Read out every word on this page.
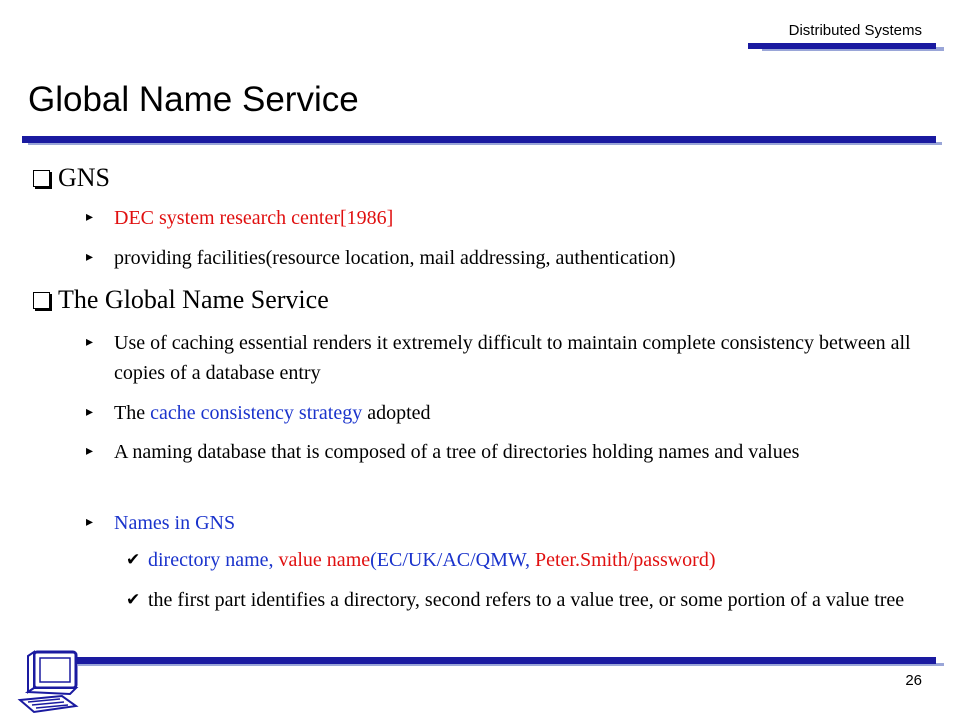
Distributed Systems
Global Name Service
GNS
▸	DEC system research center[1986]
▸	providing facilities(resource location, mail addressing, authentication)
The Global Name Service
▸	Use of caching essential renders it extremely difficult to maintain complete consistency between all copies of a database entry
▸	The cache consistency strategy adopted
▸	A naming database that is composed of a tree of directories holding names and values
▸	Names in GNS
✔ directory name, value name(EC/UK/AC/QMW, Peter.Smith/password)
✔ the first part identifies a directory, second refers to a value tree, or some portion of a value tree
26
